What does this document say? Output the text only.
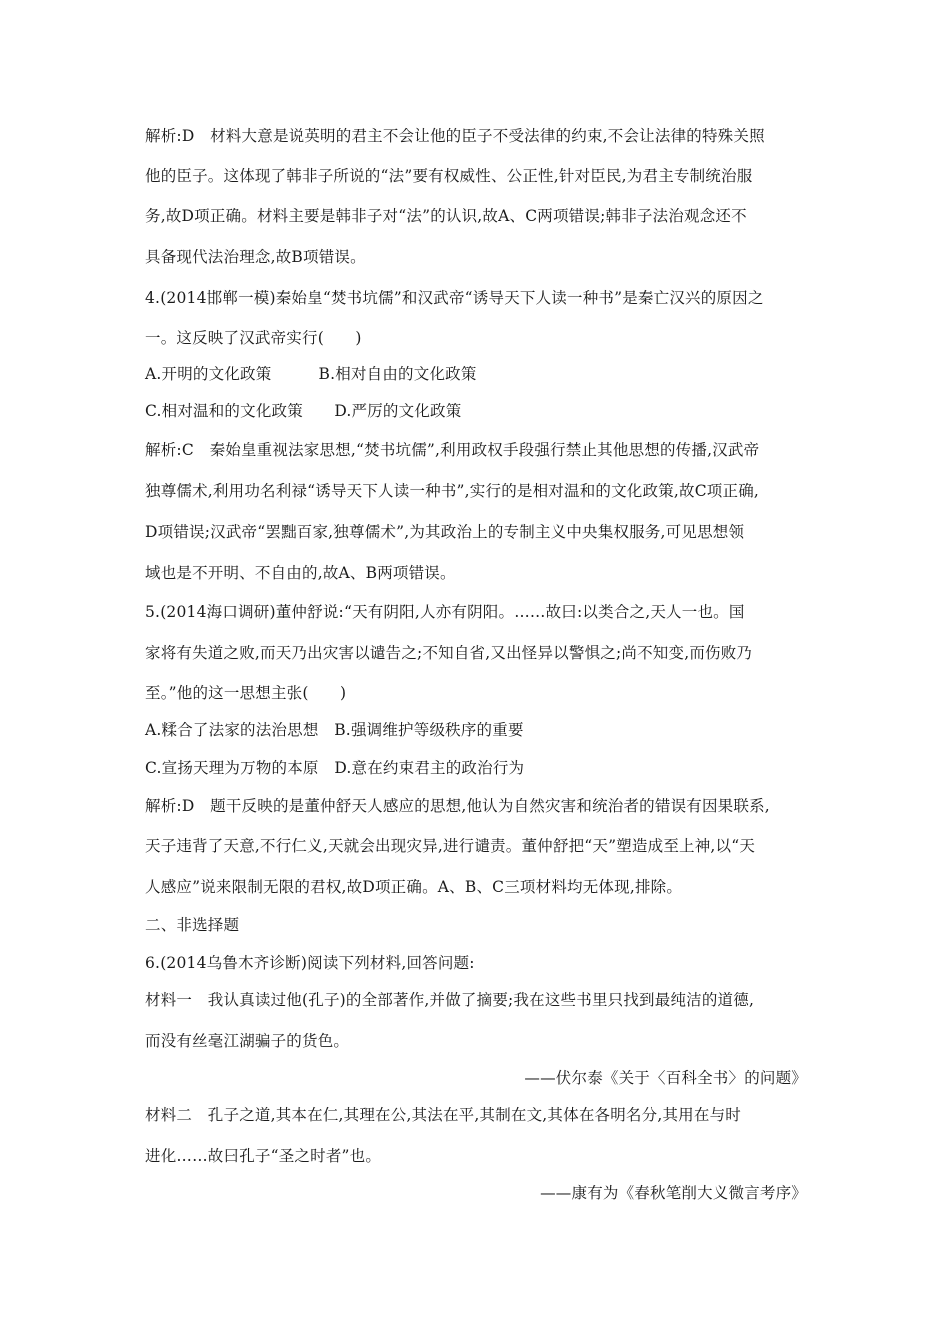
解析:D　材料大意是说英明的君主不会让他的臣子不受法律的约束,不会让法律的特殊关照
他的臣子。这体现了韩非子所说的“法”要有权威性、公正性,针对臣民,为君主专制统治服
务,故D项正确。材料主要是韩非子对“法”的认识,故A、C两项错误;韩非子法治观念还不
具备现代法治理念,故B项错误。
4.(2014邯郸一模)秦始皇“焚书坑儒”和汉武帝“诱导天下人读一种书”是秦亡汉兴的原因之
一。这反映了汉武帝实行(　　)
A.开明的文化政策　　　B.相对自由的文化政策
C.相对温和的文化政策　　D.严厉的文化政策
解析:C　秦始皇重视法家思想,“焚书坑儒”,利用政权手段强行禁止其他思想的传播,汉武帝
独尊儒术,利用功名利禄“诱导天下人读一种书”,实行的是相对温和的文化政策,故C项正确,
D项错误;汉武帝“罢黜百家,独尊儒术”,为其政治上的专制主义中央集权服务,可见思想领
域也是不开明、不自由的,故A、B两项错误。
5.(2014海口调研)董仲舒说:“天有阴阳,人亦有阴阳。……故曰:以类合之,天人一也。国
家将有失道之败,而天乃出灾害以谴告之;不知自省,又出怪异以警惧之;尚不知变,而伤败乃
至。”他的这一思想主张(　　)
A.糅合了法家的法治思想　B.强调维护等级秩序的重要
C.宣扬天理为万物的本原　D.意在约束君主的政治行为
解析:D　题干反映的是董仲舒天人感应的思想,他认为自然灾害和统治者的错误有因果联系,
天子违背了天意,不行仁义,天就会出现灾异,进行谴责。董仲舒把“天”塑造成至上神,以“天
人感应”说来限制无限的君权,故D项正确。A、B、C三项材料均无体现,排除。
二、非选择题
6.(2014乌鲁木齐诊断)阅读下列材料,回答问题:
材料一　我认真读过他(孔子)的全部著作,并做了摘要;我在这些书里只找到最纯洁的道德,
而没有丝毫江湖骗子的货色。
——伏尔泰《关于〈百科全书〉的问题》
材料二　孔子之道,其本在仁,其理在公,其法在平,其制在文,其体在各明名分,其用在与时
进化……故曰孔子“圣之时者”也。
——康有为《春秋笔削大义微言考序》
